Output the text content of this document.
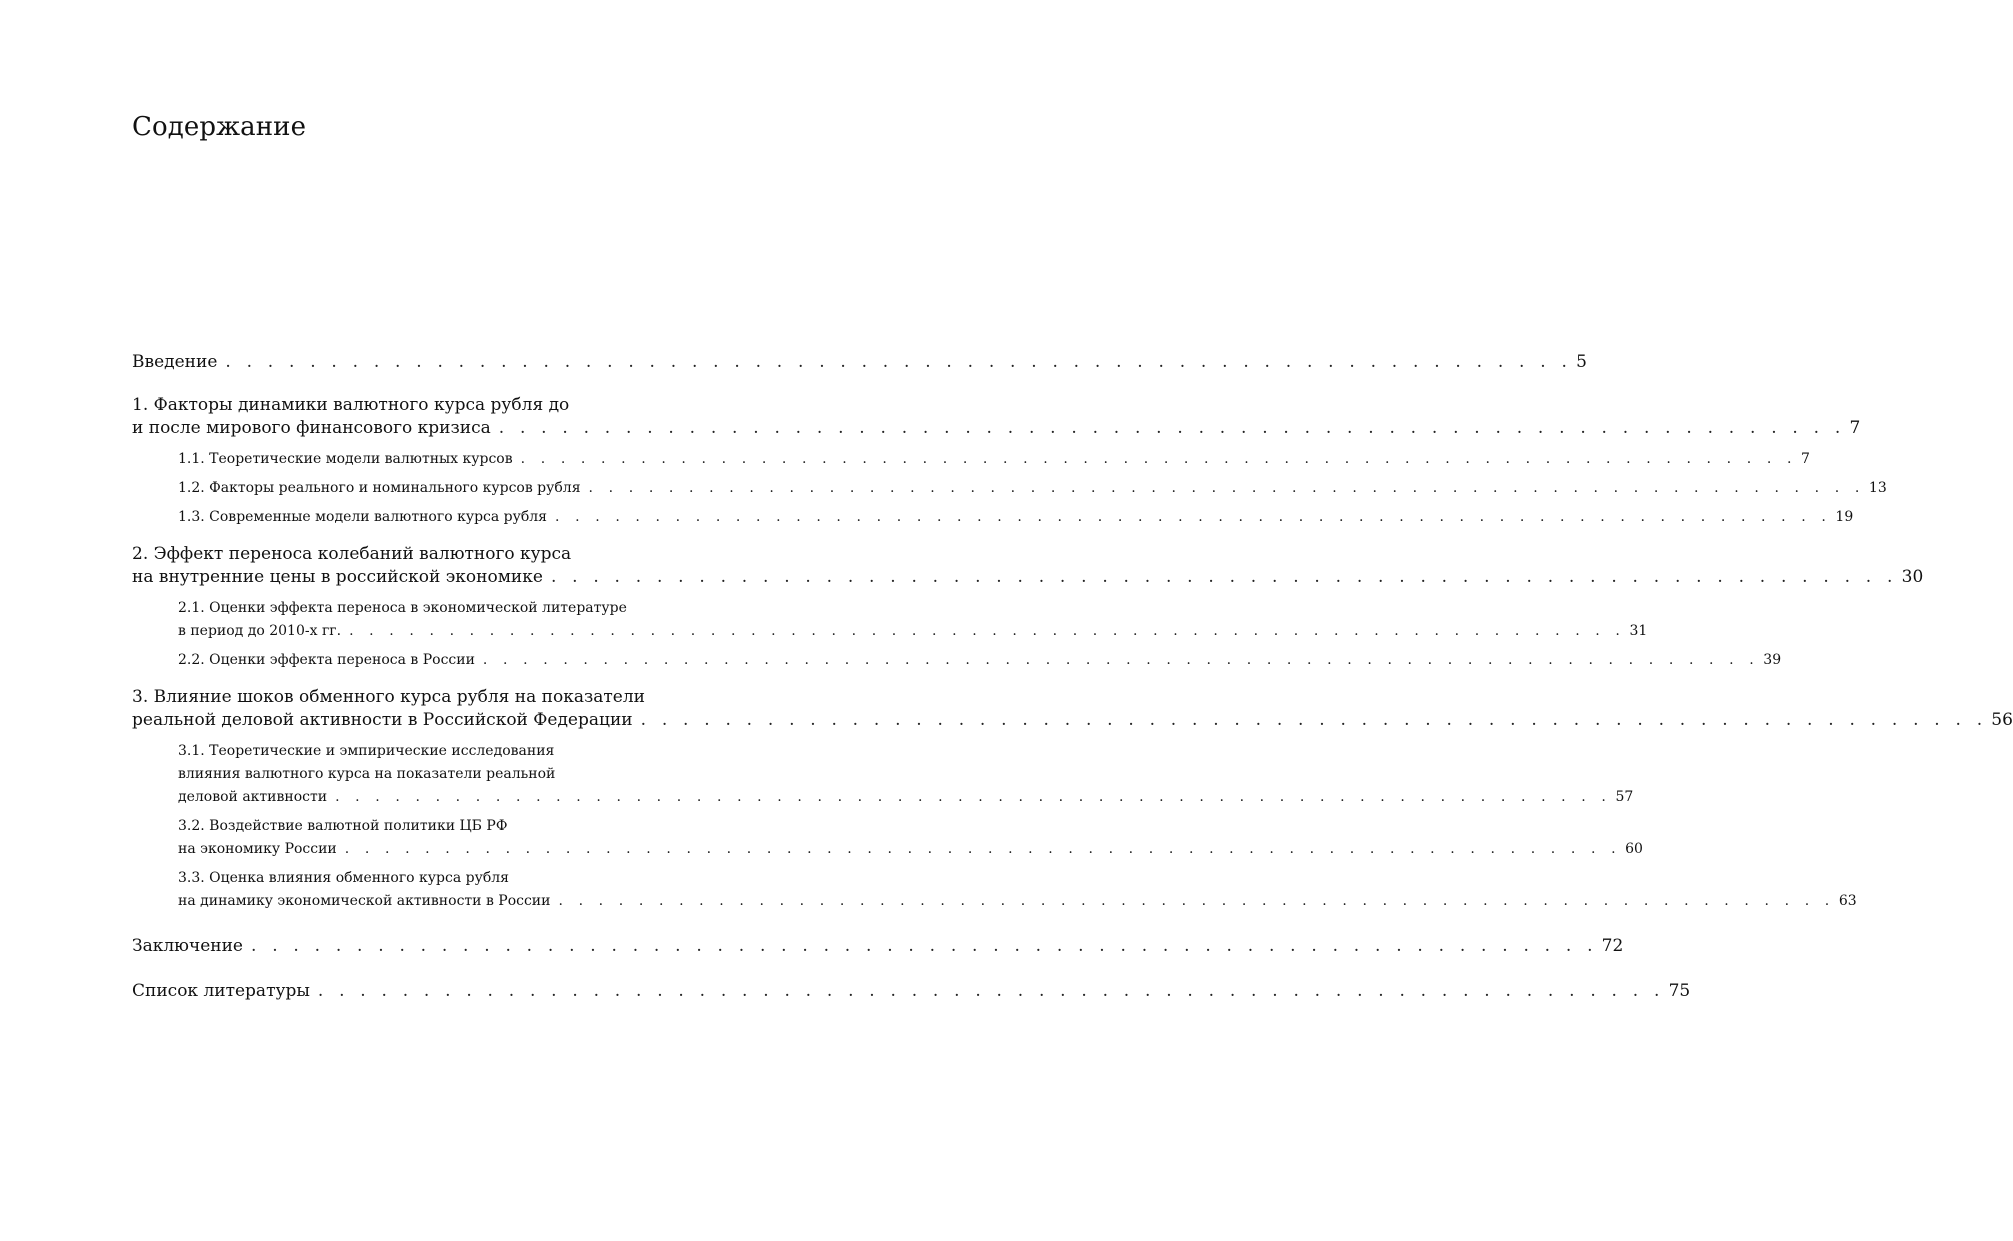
Содержание
Введение . . . . . . . . . . . . . . . . . . . . . . . . . . . . . . . . . . . . . . . . . . . . . . . . . . . . . . . . . . . . . . . . 5
1. Факторы динамики валютного курса рубля до
и после мирового финансового кризиса . . . . . . . . . . . . . . . . . . . . . . . . . . . . . . . . . . . . . . . . . . . . . . . . . . . . . . . . . . . . . . . . 7
1.1. Теоретические модели валютных курсов . . . . . . . . . . . . . . . . . . . . . . . . . . . . . . . . . . . . . . . . . . . . . . . . . . . . . . . . . . . . . . . . 7
1.2. Факторы реального и номинального курсов рубля . . . . . . . . . . . . . . . . . . . . . . . . . . . . . . . . . . . . . . . . . . . . . . . . . . . . . . . . . . . . . . . . 13
1.3. Современные модели валютного курса рубля . . . . . . . . . . . . . . . . . . . . . . . . . . . . . . . . . . . . . . . . . . . . . . . . . . . . . . . . . . . . . . . . 19
2. Эффект переноса колебаний валютного курса
на внутренние цены в российской экономике . . . . . . . . . . . . . . . . . . . . . . . . . . . . . . . . . . . . . . . . . . . . . . . . . . . . . . . . . . . . . . . . 30
2.1. Оценки эффекта переноса в экономической литературе
в период до 2010-х гг. . . . . . . . . . . . . . . . . . . . . . . . . . . . . . . . . . . . . . . . . . . . . . . . . . . . . . . . . . . . . . . . . 31
2.2. Оценки эффекта переноса в России . . . . . . . . . . . . . . . . . . . . . . . . . . . . . . . . . . . . . . . . . . . . . . . . . . . . . . . . . . . . . . . . 39
3. Влияние шоков обменного курса рубля на показатели
реальной деловой активности в Российской Федерации . . . . . . . . . . . . . . . . . . . . . . . . . . . . . . . . . . . . . . . . . . . . . . . . . . . . . . . . . . . . . . . . 56
3.1. Теоретические и эмпирические исследования
влияния валютного курса на показатели реальной
деловой активности . . . . . . . . . . . . . . . . . . . . . . . . . . . . . . . . . . . . . . . . . . . . . . . . . . . . . . . . . . . . . . . . 57
3.2. Воздействие валютной политики ЦБ РФ
на экономику России . . . . . . . . . . . . . . . . . . . . . . . . . . . . . . . . . . . . . . . . . . . . . . . . . . . . . . . . . . . . . . . . 60
3.3. Оценка влияния обменного курса рубля
на динамику экономической активности в России . . . . . . . . . . . . . . . . . . . . . . . . . . . . . . . . . . . . . . . . . . . . . . . . . . . . . . . . . . . . . . . . 63
Заключение . . . . . . . . . . . . . . . . . . . . . . . . . . . . . . . . . . . . . . . . . . . . . . . . . . . . . . . . . . . . . . . . 72
Список литературы . . . . . . . . . . . . . . . . . . . . . . . . . . . . . . . . . . . . . . . . . . . . . . . . . . . . . . . . . . . . . . . . 75
